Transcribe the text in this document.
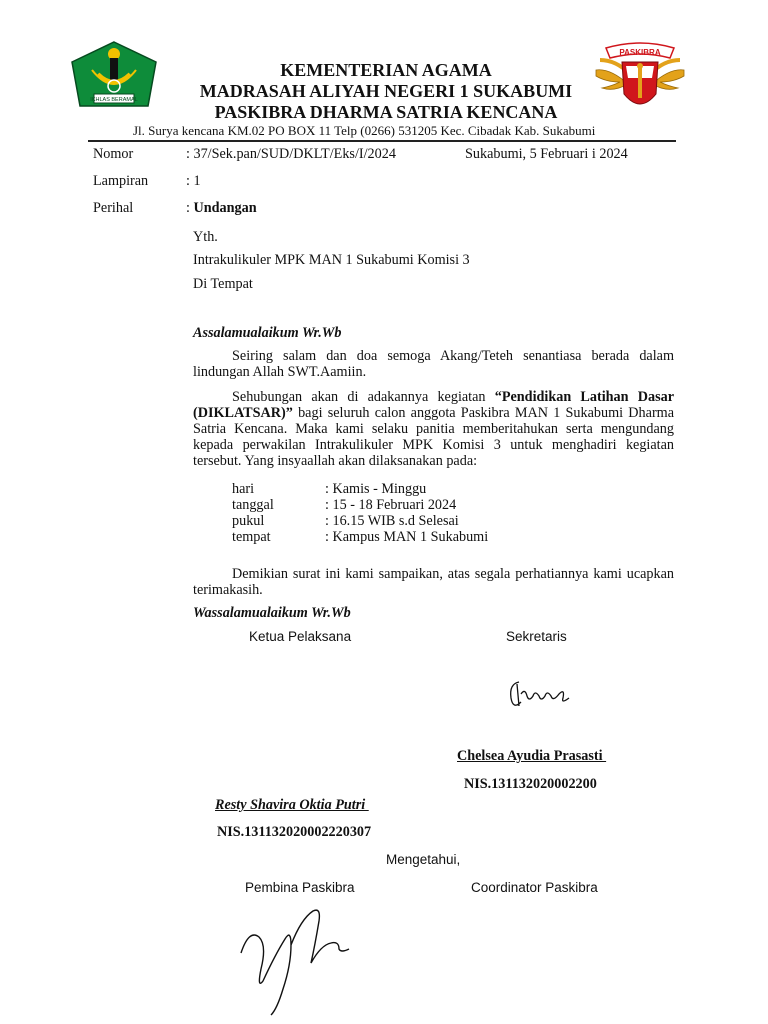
IKHLAS BERAMAL
PASKIBRA
KEMENTERIAN AGAMA
MADRASAH ALIYAH NEGERI 1 SUKABUMI
PASKIBRA DHARMA SATRIA KENCANA
Jl. Surya kencana KM.02 PO BOX 11 Telp (0266) 531205 Kec. Cibadak Kab. Sukabumi
Nomor	: 37/Sek.pan/SUD/DKLT/Eks/I/2024	Sukabumi, 5 Februari i 2024
Lampiran	: 1
Perihal	: Undangan
Yth.
Intrakulikuler MPK MAN 1 Sukabumi Komisi 3
Di Tempat
Assalamualaikum Wr.Wb
Seiring salam dan doa semoga Akang/Teteh senantiasa berada dalam lindungan Allah SWT.Aamiin.
Sehubungan akan di adakannya kegiatan “Pendidikan Latihan Dasar (DIKLATSAR)” bagi seluruh calon anggota Paskibra MAN 1 Sukabumi Dharma Satria Kencana. Maka kami selaku panitia memberitahukan serta mengundang kepada perwakilan Intrakulikuler MPK Komisi 3 untuk menghadiri kegiatan tersebut. Yang insyaallah akan dilaksanakan pada:
hari	: Kamis - Minggu
tanggal	: 15 - 18 Februari 2024
pukul	: 16.15 WIB s.d Selesai
tempat	: Kampus MAN 1 Sukabumi
Demikian surat ini kami sampaikan, atas segala perhatiannya kami ucapkan terimakasih.
Wassalamualaikum Wr.Wb
Ketua Pelaksana	Sekretaris
Chelsea Ayudia Prasasti
NIS.131132020002200
Resty Shavira Oktia Putri
NIS.131132020002220307
Mengetahui,
Pembina Paskibra	Coordinator Paskibra
